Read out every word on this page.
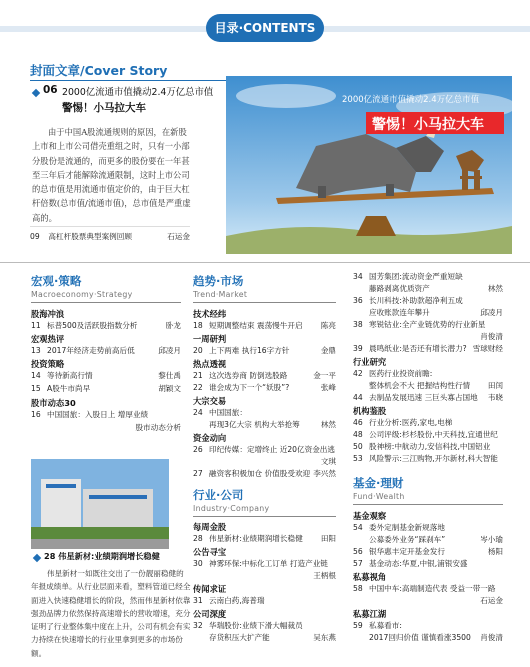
目录·CONTENTS
封面文章/Cover Story
06 2000亿流通市值撬动2.4万亿总市值
警惕！小马拉大车
由于中国A股流通规则的原因，在新股上市和上市公司借壳重组之时，只有一小部分股份是流通的，而更多的股份要在一年甚至三年后才能解除流通限制，这时上市公司的总市值是用流通市值定价的，由于巨大杠杆倍数(总市值/流通市值)，总市值是严重虚高的。
09 高杠杆股票典型案例回顾	石运金
2000亿流通市值撬动2.4万亿总市值
警惕！小马拉大车
宏观·策略
Macroeconomy·Strategy
股海冲浪
11 标普500及活跃股指数分析	卧龙
宏观热评
13 2017年经济走势前高后低	邱凌月
投资策略
14 等待新高行情	黎仕禹
15 A股牛市尚早	胡颖文
股市动态30
16 中国国旅：入股日上 增厚业绩
股市动态分析
28 伟星新材:业绩期润增长稳健
伟星新材一如既往交出了一份靓丽稳健的年报成绩单。从行业层面来看，塑料管道已经全面进入快速稳健增长的阶段，然而伟星新材依靠强劲品牌力依然保持高速增长的营收增速，充分证明了行业整体集中度在上升，公司有机会有实力持续在快速增长的行业里拿到更多的市场份额。
趋势·市场
Trend·Market
技术经纬
18 短期调整结束 震荡慢牛开启 陈亮
一周研判
20 上下两难 执行16字方针	金鼎
热点透视
21 这次选券商 防倒选股路	金一平
22 谁会成为下一个“妖股”?	张峰
大宗交易
24 中国国旅：
再现3亿大宗 机构大举抢筹	林然
资金动向
26 印纪传媒：定增终止 近20亿资金出逃
文琪
27 融资客积极加仓 价值股受欢迎 李兴然
行业·公司
Industry·Company
每周金股
28 伟星新材:业绩期润增长稳健 田阳
公告寻宝
30 神雾环保:中标化工订单 打造产业链
王柄根
传闻求证
31 云南白药,海普瑞
公司深度
32 华瑞股份:业绩下滑大幅裁员
存货积压大扩产能	吴东燕
34 国芳集团:流动资金严重短缺
藤路剥离优质资产	林然
36 长川科技:补助款超净利五成
应收账款连年攀升	邱凌月
38 寒锐钴业:全产业链优势的行业新星
肖俊清
39 晨鸣纸业:是否还有增长潜力? 雪球财经
行业研究
42 医药行业投资前瞻:
整体机会不大 把握结构性行情 田闰
44 去制品发展迅速 三巨头寡占国地 韦晓
机构鉴股
46 行业分析:医药,家电,电梯
48 公司评级:杉杉股份,中天科技,宜通世纪
50 股神榜:中航动力,安信科技,中国铝业
53 风险警示:三江购物,开尔新材,科大智能
基金·理财
Fund·Wealth
基金观察
54 委外定制基金新规落地
公募委外业务“踩刹车”	岑小瑜
56 银华惠丰定开基金发行	杨阳
57 基金动态:华夏,中银,浦银安盛
私募视角
58 中国中车:高端制造代表 受益一带一路
石运金
私募江湖
59 私募看市:
2017回归价值 谨慎看涨3500 肖俊清
